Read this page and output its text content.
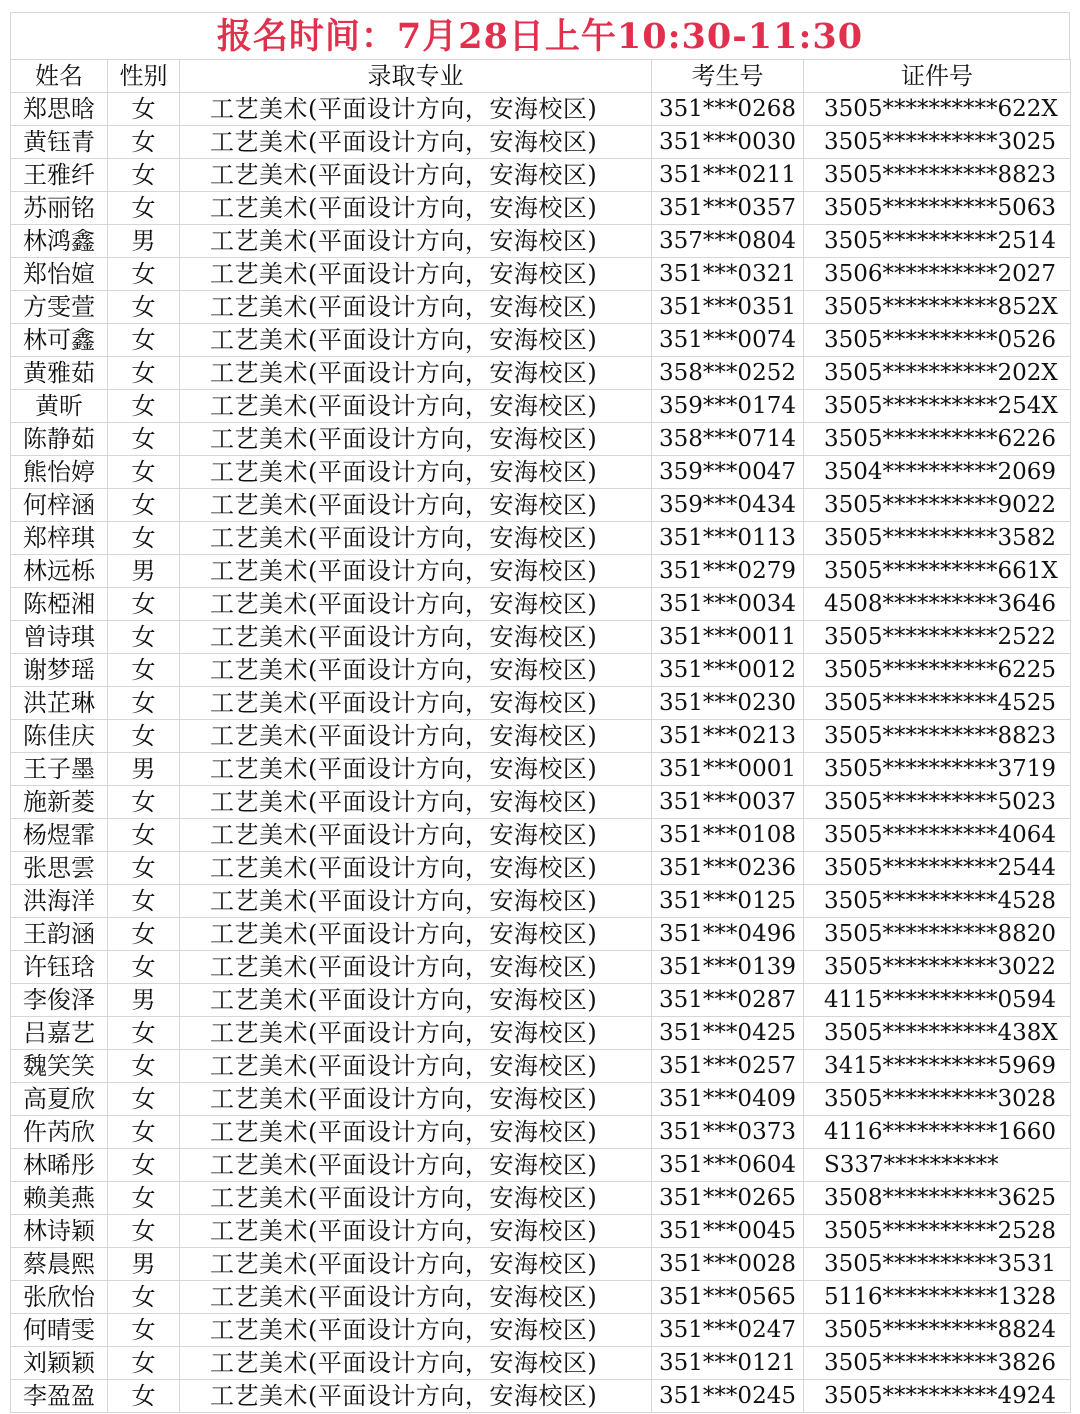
报名时间：7月28日上午10:30-11:30
姓名	性别	录取专业	考生号	证件号
郑思晗	女	工艺美术(平面设计方向，安海校区)	351***0268	3505**********622X
黄钰青	女	工艺美术(平面设计方向，安海校区)	351***0030	3505**********3025
王雅纤	女	工艺美术(平面设计方向，安海校区)	351***0211	3505**********8823
苏丽铭	女	工艺美术(平面设计方向，安海校区)	351***0357	3505**********5063
林鸿鑫	男	工艺美术(平面设计方向，安海校区)	357***0804	3505**********2514
郑怡媗	女	工艺美术(平面设计方向，安海校区)	351***0321	3506**********2027
方雯萱	女	工艺美术(平面设计方向，安海校区)	351***0351	3505**********852X
林可鑫	女	工艺美术(平面设计方向，安海校区)	351***0074	3505**********0526
黄雅茹	女	工艺美术(平面设计方向，安海校区)	358***0252	3505**********202X
黄昕	女	工艺美术(平面设计方向，安海校区)	359***0174	3505**********254X
陈静茹	女	工艺美术(平面设计方向，安海校区)	358***0714	3505**********6226
熊怡婷	女	工艺美术(平面设计方向，安海校区)	359***0047	3504**********2069
何梓涵	女	工艺美术(平面设计方向，安海校区)	359***0434	3505**********9022
郑梓琪	女	工艺美术(平面设计方向，安海校区)	351***0113	3505**********3582
林远栎	男	工艺美术(平面设计方向，安海校区)	351***0279	3505**********661X
陈椏湘	女	工艺美术(平面设计方向，安海校区)	351***0034	4508**********3646
曾诗琪	女	工艺美术(平面设计方向，安海校区)	351***0011	3505**********2522
谢梦瑶	女	工艺美术(平面设计方向，安海校区)	351***0012	3505**********6225
洪芷琳	女	工艺美术(平面设计方向，安海校区)	351***0230	3505**********4525
陈佳庆	女	工艺美术(平面设计方向，安海校区)	351***0213	3505**********8823
王子墨	男	工艺美术(平面设计方向，安海校区)	351***0001	3505**********3719
施新菱	女	工艺美术(平面设计方向，安海校区)	351***0037	3505**********5023
杨煜霏	女	工艺美术(平面设计方向，安海校区)	351***0108	3505**********4064
张思雲	女	工艺美术(平面设计方向，安海校区)	351***0236	3505**********2544
洪海洋	女	工艺美术(平面设计方向，安海校区)	351***0125	3505**********4528
王韵涵	女	工艺美术(平面设计方向，安海校区)	351***0496	3505**********8820
许钰琀	女	工艺美术(平面设计方向，安海校区)	351***0139	3505**********3022
李俊泽	男	工艺美术(平面设计方向，安海校区)	351***0287	4115**********0594
吕嘉艺	女	工艺美术(平面设计方向，安海校区)	351***0425	3505**********438X
魏笑笑	女	工艺美术(平面设计方向，安海校区)	351***0257	3415**********5969
高夏欣	女	工艺美术(平面设计方向，安海校区)	351***0409	3505**********3028
仵芮欣	女	工艺美术(平面设计方向，安海校区)	351***0373	4116**********1660
林晞彤	女	工艺美术(平面设计方向，安海校区)	351***0604	S337**********
赖美燕	女	工艺美术(平面设计方向，安海校区)	351***0265	3508**********3625
林诗颖	女	工艺美术(平面设计方向，安海校区)	351***0045	3505**********2528
蔡晨熙	男	工艺美术(平面设计方向，安海校区)	351***0028	3505**********3531
张欣怡	女	工艺美术(平面设计方向，安海校区)	351***0565	5116**********1328
何晴雯	女	工艺美术(平面设计方向，安海校区)	351***0247	3505**********8824
刘颖颖	女	工艺美术(平面设计方向，安海校区)	351***0121	3505**********3826
李盈盈	女	工艺美术(平面设计方向，安海校区)	351***0245	3505**********4924
